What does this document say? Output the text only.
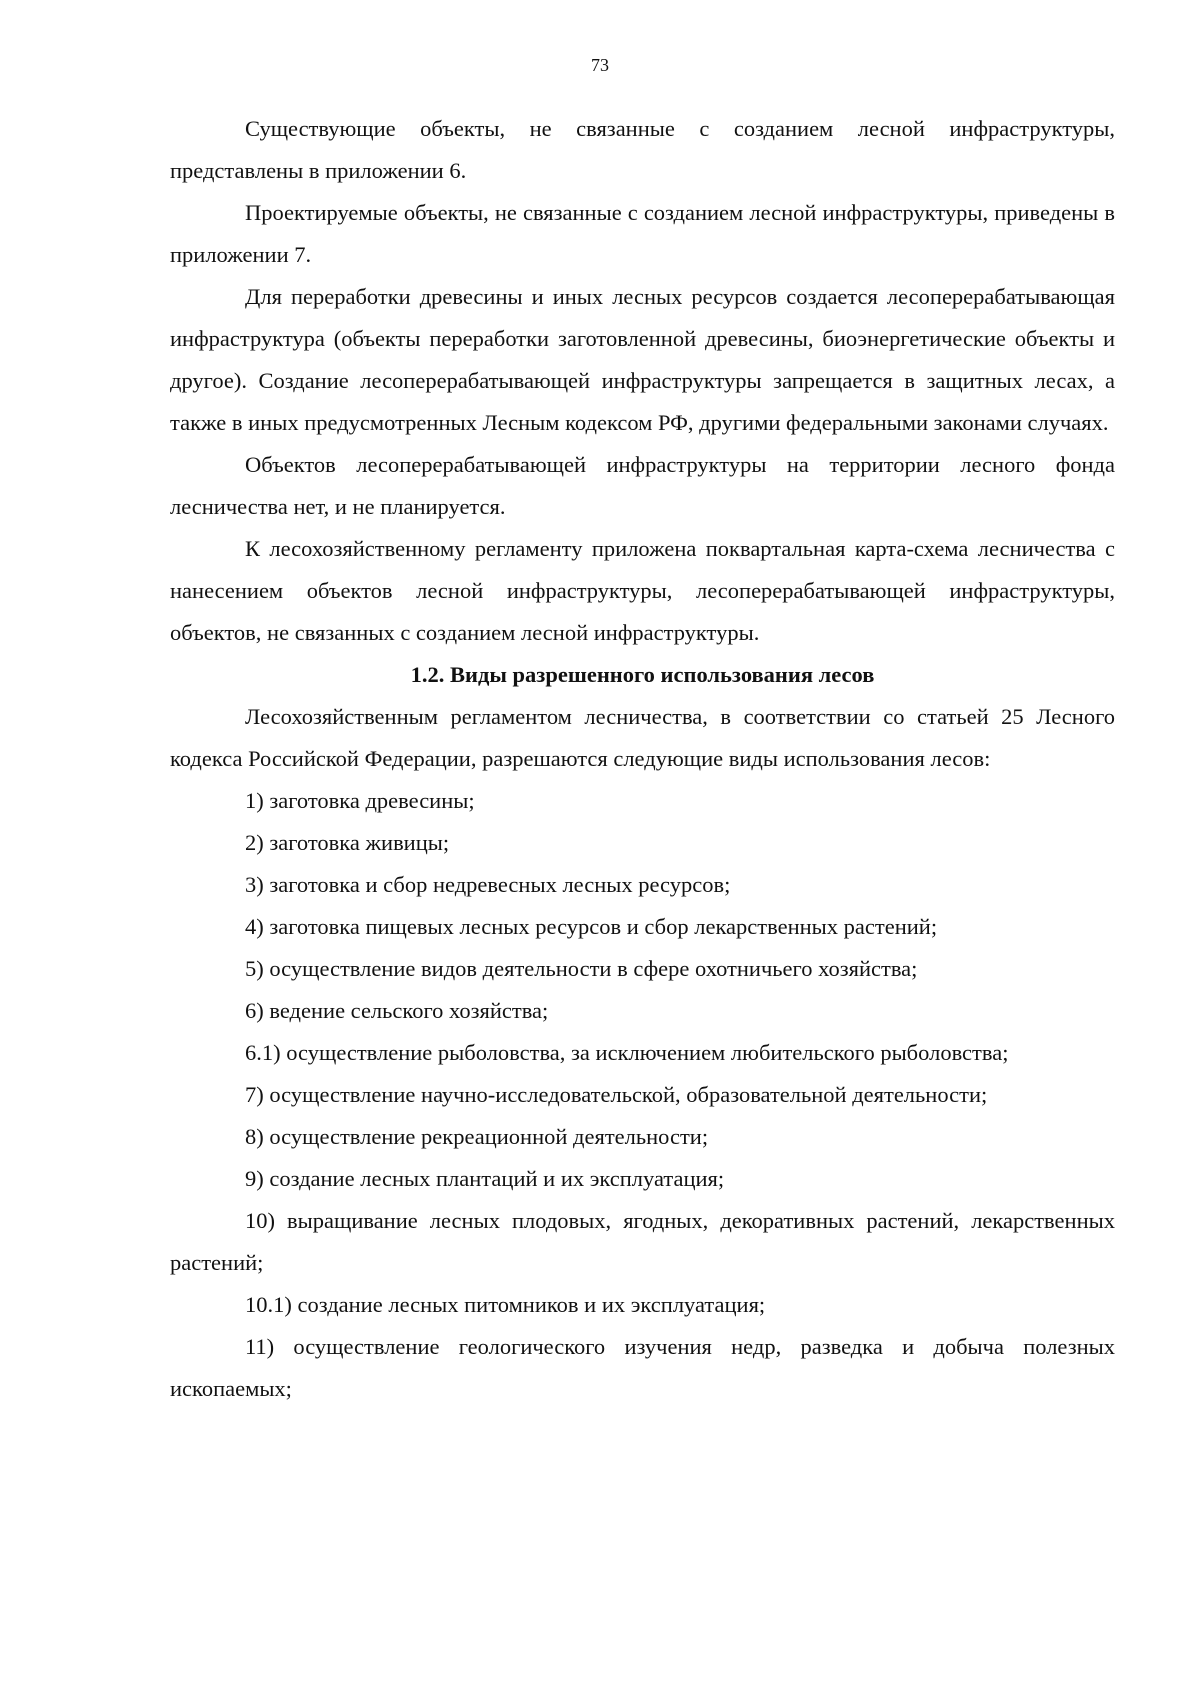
73

Существующие объекты, не связанные с созданием лесной инфраструктуры, представлены в приложении 6.

Проектируемые объекты, не связанные с созданием лесной инфраструктуры, приведены в приложении 7.

Для переработки древесины и иных лесных ресурсов создается лесоперерабатывающая инфраструктура (объекты переработки заготовленной древесины, биоэнергетические объекты и другое). Создание лесоперерабатывающей инфраструктуры запрещается в защитных лесах, а также в иных предусмотренных Лесным кодексом РФ, другими федеральными законами случаях.

Объектов лесоперерабатывающей инфраструктуры на территории лесного фонда лесничества нет, и не планируется.

К лесохозяйственному регламенту приложена поквартальная карта-схема лесничества с нанесением объектов лесной инфраструктуры, лесоперерабатывающей инфраструктуры, объектов, не связанных с созданием лесной инфраструктуры.

1.2. Виды разрешенного использования лесов

Лесохозяйственным регламентом лесничества, в соответствии со статьей 25 Лесного кодекса Российской Федерации, разрешаются следующие виды использования лесов:

1) заготовка древесины;

2) заготовка живицы;

3) заготовка и сбор недревесных лесных ресурсов;

4) заготовка пищевых лесных ресурсов и сбор лекарственных растений;

5) осуществление видов деятельности в сфере охотничьего хозяйства;

6) ведение сельского хозяйства;

6.1) осуществление рыболовства, за исключением любительского рыболовства;

7) осуществление научно-исследовательской, образовательной деятельности;

8) осуществление рекреационной деятельности;

9) создание лесных плантаций и их эксплуатация;

10) выращивание лесных плодовых, ягодных, декоративных растений, лекарственных растений;

10.1) создание лесных питомников и их эксплуатация;

11) осуществление геологического изучения недр, разведка и добыча полезных ископаемых;
